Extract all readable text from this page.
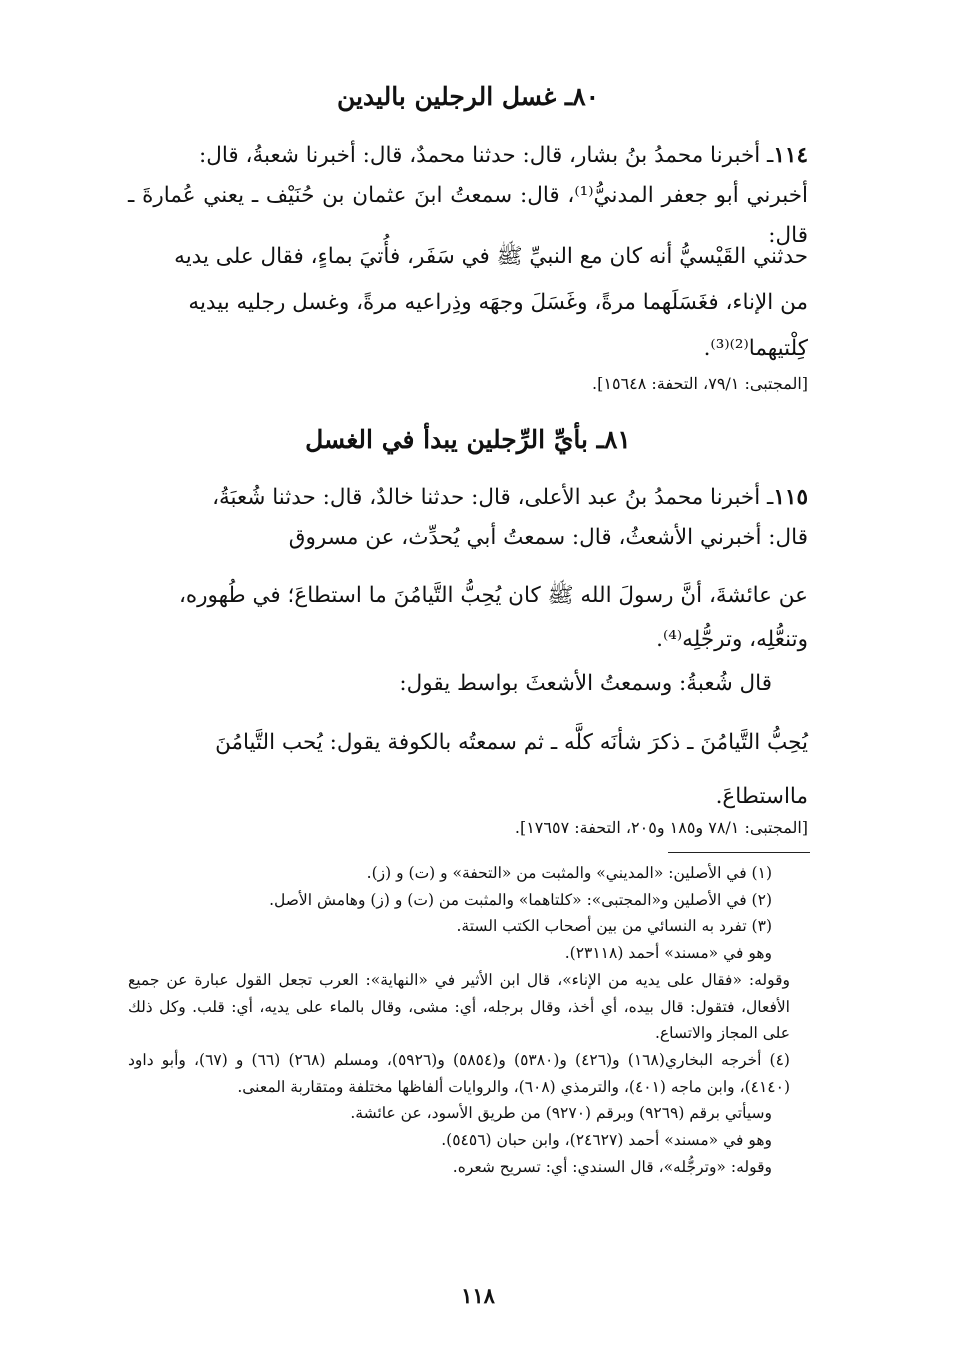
٨٠ـ غسل الرجلين باليدين

١١٤ـ أخبرنا محمدُ بنُ بشار، قال: حدثنا محمدٌ، قال: أخبرنا شعبةُ، قال:

أخبرني أبو جعفر المدنيُّ⁽¹⁾، قال: سمعتُ ابنَ عثمان بن حُنَيْف ـ يعني عُمارةَ ـ قال:

حدثني القَيْسيُّ أنه كان مع النبيِّ ﷺ في سَفَر، فأُتيَ بماءٍ، فقال على يديه

من الإناء، فغَسَلَهما مرةً، وغَسَلَ وجهَه وذِراعيه مرةً، وغسل رجليه بيديه

كِلْتيهما⁽²⁾⁽³⁾.

[المجتبى: ٧٩/١، التحفة: ١٥٦٤٨].
٨١ـ بأيِّ الرِّجلين يبدأ في الغسل

١١٥ـ أخبرنا محمدُ بنُ عبد الأعلى، قال: حدثنا خالدٌ، قال: حدثنا شُعبَةُ،

قال: أخبرني الأشعثُ، قال: سمعتُ أبي يُحدِّث، عن مسروق

عن عائشةَ، أنَّ رسولَ الله ﷺ كان يُحِبُّ التَّيامُنَ ما استطاعَ؛ في طُهوره،

وتنعُّلِه، وترجُّلِه⁽⁴⁾.

قال شُعبةُ: وسمعتُ الأشعثَ بواسط يقول:

يُحِبُّ التَّيامُنَ ـ ذكرَ شأنَه كلَّه ـ ثم سمعتُه بالكوفة يقول: يُحب التَّيامُنَ

مااستطاعَ.

[المجتبى: ٧٨/١ و١٨٥ و٢٠٥، التحفة: ١٧٦٥٧].

(١) في الأصلين: «المديني» والمثبت من «التحفة» و (ت) و (ز).

(٢) في الأصلين و«المجتبى»: «كلتاهما» والمثبت من (ت) و (ز) وهامش الأصل.

(٣) تفرد به النسائي من بين أصحاب الكتب الستة.

وهو في «مسند» أحمد (٢٣١١٨).

وقوله: «فقال على يديه من الإناء»، قال ابن الأثير في «النهاية»: العرب تجعل القول عبارة عن جميع الأفعال، فتقول: قال بيده، أي أخذ، وقال برجله، أي: مشى، وقال بالماء على يديه، أي: قلب. وكل ذلك على المجاز والاتساع.

(٤) أخرجه البخاري(١٦٨) و(٤٢٦) و(٥٣٨٠) و(٥٨٥٤) و(٥٩٢٦)، ومسلم (٢٦٨) (٦٦) و (٦٧)، وأبو داود (٤١٤٠)، وابن ماجه (٤٠١)، والترمذي (٦٠٨)، والروايات ألفاظها مختلفة ومتقاربة المعنى.

وسيأتي برقم (٩٢٦٩) وبرقم (٩٢٧٠) من طريق الأسود، عن عائشة.

وهو في «مسند» أحمد (٢٤٦٢٧)، وابن حبان (٥٤٥٦).

وقوله: «وترجُّله»، قال السندي: أي: تسريح شعره.

١١٨
